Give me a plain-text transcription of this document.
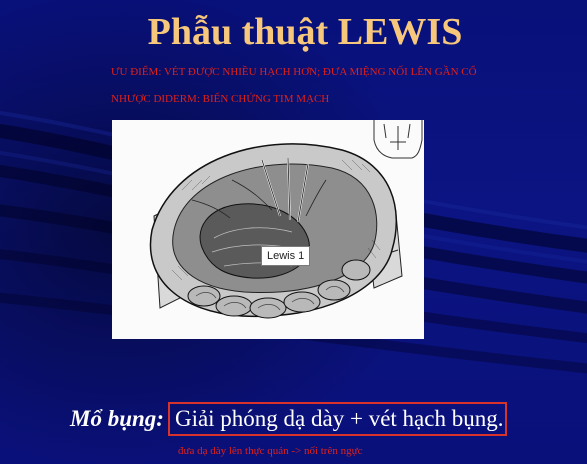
Phẫu thuật LEWIS
ƯU ĐIỂM: VÉT ĐƯỢC NHIỀU HẠCH HƠN; ĐƯA MIỆNG NỐI LÊN GẦN CỔ
NHƯỢC DIDERM: BIẾN CHỨNG TIM MẠCH
Lewis 1
Mổ bụng: Giải phóng dạ dày + vét hạch bụng.
đưa dạ dày lên thực quản -> nối trên ngực
